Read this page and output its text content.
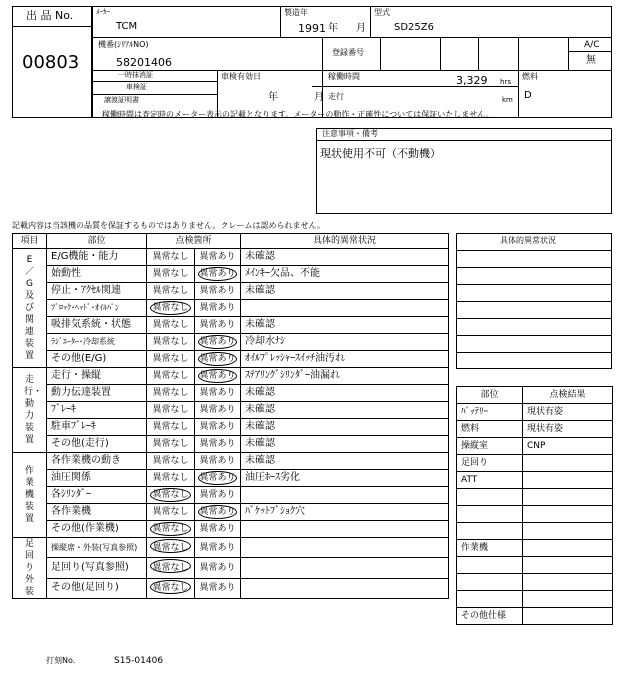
出 品 No.
00803
ﾒｰｶｰ
TCM
製造年
1991 年 月
型式
SD25Z6
機番(ｼﾘｱﾙNO)
58201406
登録番号
A/C
無
一時抹消証
車検証
譲渡証明書
車検有効日
年	月
稼働時間	3,329 hrs
走行	km
燃料
D
稼働時間は査定時のメーター表示の記載となります。メーターの動作・正確性については保証いたしません。
注意事項・備考
現状使用不可（不動機）
記載内容は当該機の品質を保証するものではありません。クレームは認められません。
項目	部位	点検箇所		具体的異常状況
E／G及び関連装置	E/G機能・能力	異常なし	異常あり	未確認
	始動性	異常なし	異常あり	ﾒｲﾝｷｰ欠品、不能
	停止・ｱｸｾﾙ関連	異常なし	異常あり	未確認
	ﾌﾞﾛｯｸ･ﾍｯﾄﾞ･ｵｲﾙﾊﾟﾝ	異常なし	異常あり	
	吸排気系統・状態	異常なし	異常あり	未確認
	ﾗｼﾞｴｰﾀｰ･冷却系統	異常なし	異常あり	冷却水ﾅｼ
	その他(E/G)	異常なし	異常あり	ｵｲﾙﾌﾟﾚｯｼｬｰｽｲｯﾁ油汚れ
走行・動力装置	走行・操縦	異常なし	異常あり	ｽﾃｱﾘﾝｸﾞｼﾘﾝﾀﾞｰ油漏れ
	動力伝達装置	異常なし	異常あり	未確認
	ﾌﾞﾚｰｷ	異常なし	異常あり	未確認
	駐車ﾌﾞﾚｰｷ	異常なし	異常あり	未確認
	その他(走行)	異常なし	異常あり	未確認
作業機装置	各作業機の動き	異常なし	異常あり	未確認
	油圧関係	異常なし	異常あり	油圧ﾎｰｽ劣化
	各ｼﾘﾝﾀﾞｰ	異常なし	異常あり	
	各作業機	異常なし	異常あり	ﾊﾞｹｯﾄﾌﾞｼｮｸ穴
	その他(作業機)	異常なし	異常あり	
足回り外装	操縦席・外装(写真参照)	異常なし	異常あり	
	足回り(写真参照)	異常なし	異常あり	
	その他(足回り)	異常なし	異常あり	
具体的異常状況
部位	点検結果
ﾊﾞｯﾃﾘｰ	現状有姿
燃料	現状有姿
操縦室	CNP
足回り	
ATT	

作業機	

その他仕様	
打刻No.	S15-01406
